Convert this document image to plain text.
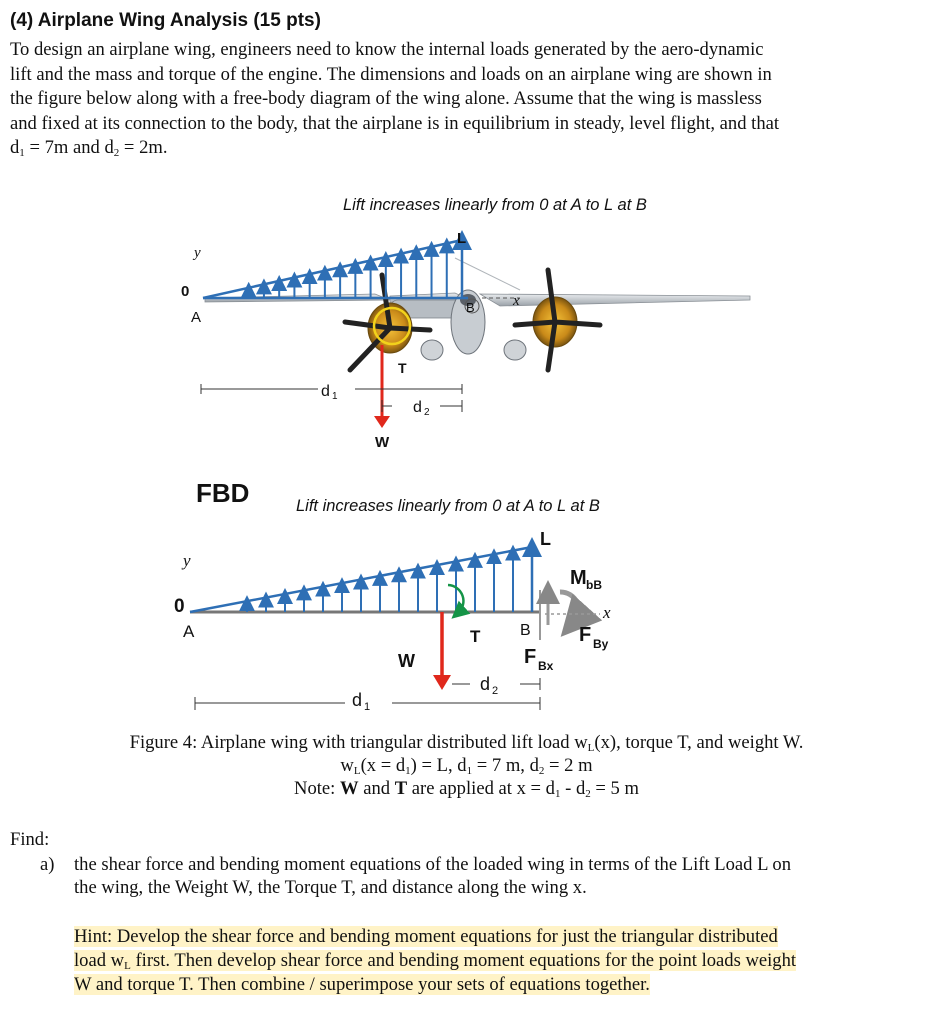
(4) Airplane Wing Analysis (15 pts)

To design an airplane wing, engineers need to know the internal loads generated by the aero-dynamic
lift and the mass and torque of the engine. The dimensions and loads on an airplane wing are shown in
the figure below along with a free-body diagram of the wing alone. Assume that the wing is massless
and fixed at its connection to the body, that the airplane is in equilibrium in steady, level flight, and that
$d_1 = 7m$ and $d_2 = 2m$.

Lift increases linearly from 0 at A to L at B
L
y
0
A
B	x
T
W
d 1
d 2
FBD	Lift increases linearly from 0 at A to L at B
L
y
0
A	B
M bB
x
F By
F Bx
T
W
d 2
d 1
Figure 4: Airplane wing with triangular distributed lift load $w_L(x)$, torque T, and weight W.
$w_L(x = d_1) = L$, $d_1 = 7$ m, $d_2 = 2$ m
Note: W and T are applied at $x = d_1 - d_2 = 5$ m
Find:
a) the shear force and bending moment equations of the loaded wing in terms of the Lift Load L on
the wing, the Weight W, the Torque T, and distance along the wing x.
Hint: Develop the shear force and bending moment equations for just the triangular distributed
load $w_L$ first. Then develop shear force and bending moment equations for the point loads weight
W and torque T. Then combine / superimpose your sets of equations together.
